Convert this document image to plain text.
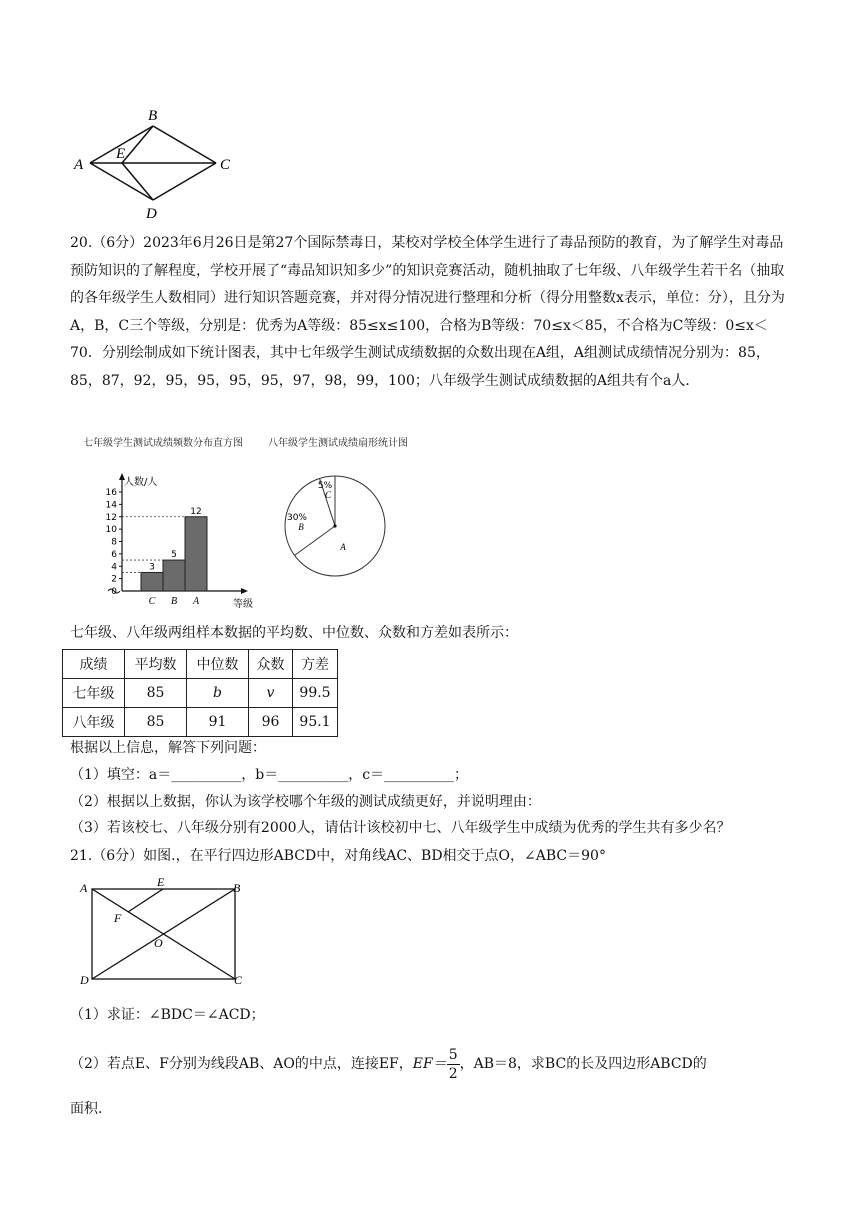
B
A
E
C
D
20.（6分）2023年6月26日是第27个国际禁毒日，某校对学校全体学生进行了毒品预防的教育，为了解学生对毒品预防知识的了解程度，学校开展了“毒品知识知多少”的知识竞赛活动，随机抽取了七年级、八年级学生若干名（抽取的各年级学生人数相同）进行知识答题竞赛，并对得分情况进行整理和分析（得分用整数x表示，单位：分），且分为A，B，C三个等级，分别是：优秀为A等级：85≤x≤100，合格为B等级：70≤x＜85，不合格为C等级：0≤x＜70．分别绘制成如下统计图表，其中七年级学生测试成绩数据的众数出现在A组，A组测试成绩情况分别为：85，85，87，92，95，95，95，95，97，98，99，100；八年级学生测试成绩数据的A组共有个a人．
七年级学生测试成绩频数分布直方图	八年级学生测试成绩扇形统计图
人数/人
等级
0
2
4
6
8
10
12
14
16
3
C
5
B
12
A
5%
C
30%
B
A
七年级、八年级两组样本数据的平均数、中位数、众数和方差如表所示：
成绩	平均数	中位数	众数	方差
七年级	85	b	v	99.5
八年级	85	91	96	95.1
根据以上信息，解答下列问题：
（1）填空：a＝__________，b＝__________，c＝__________；
（2）根据以上数据，你认为该学校哪个年级的测试成绩更好，并说明理由：
（3）若该校七、八年级分别有2000人，请估计该校初中七、八年级学生中成绩为优秀的学生共有多少名？
21.（6分）如图.，在平行四边形ABCD中，对角线AC、BD相交于点O，∠ABC＝90°
A	E	B
F
O
D	C
（1）求证：∠BDC＝∠ACD；
（2）若点E、F分别为线段AB、AO的中点，连接EF，$EF= \frac{5}{2}$ ，AB＝8，求BC的长及四边形ABCD的
面积．
